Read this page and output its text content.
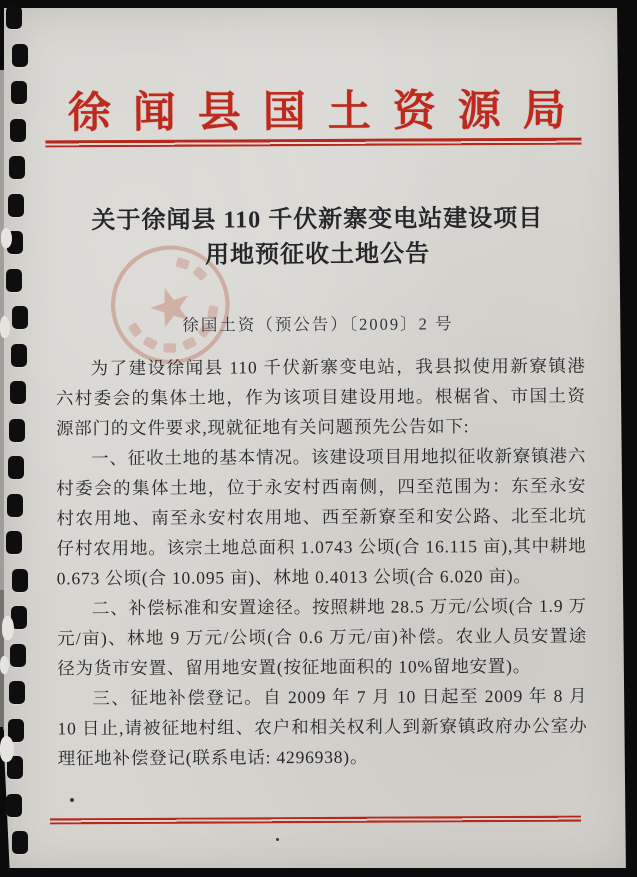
徐闻县国土资源局
关于徐闻县 110 千伏新寨变电站建设项目
用地预征收土地公告
徐国土资（预公告）〔2009〕2 号

为了建设徐闻县 110 千伏新寨变电站，我县拟使用新寮镇港六村委会的集体土地，作为该项目建设用地。根椐省、市国土资源部门的文件要求,现就征地有关问题预先公告如下:

一、征收土地的基本情况。该建设项目用地拟征收新寮镇港六村委会的集体土地，位于永安村西南侧，四至范围为：东至永安村农用地、南至永安村农用地、西至新寮至和安公路、北至北坑仔村农用地。该宗土地总面积 1.0743 公顷(合 16.115 亩),其中耕地 0.673 公顷(合 10.095 亩)、林地 0.4013 公顷(合 6.020 亩)。

二、补偿标准和安置途径。按照耕地 28.5 万元/公顷(合 1.9 万元/亩)、林地 9 万元/公顷(合 0.6 万元/亩)补偿。农业人员安置途径为货市安置、留用地安置(按征地面积的 10%留地安置)。

三、征地补偿登记。自 2009 年 7 月 10 日起至 2009 年 8 月 10 日止,请被征地村组、农户和相关权利人到新寮镇政府办公室办理征地补偿登记(联系电话: 4296938)。
